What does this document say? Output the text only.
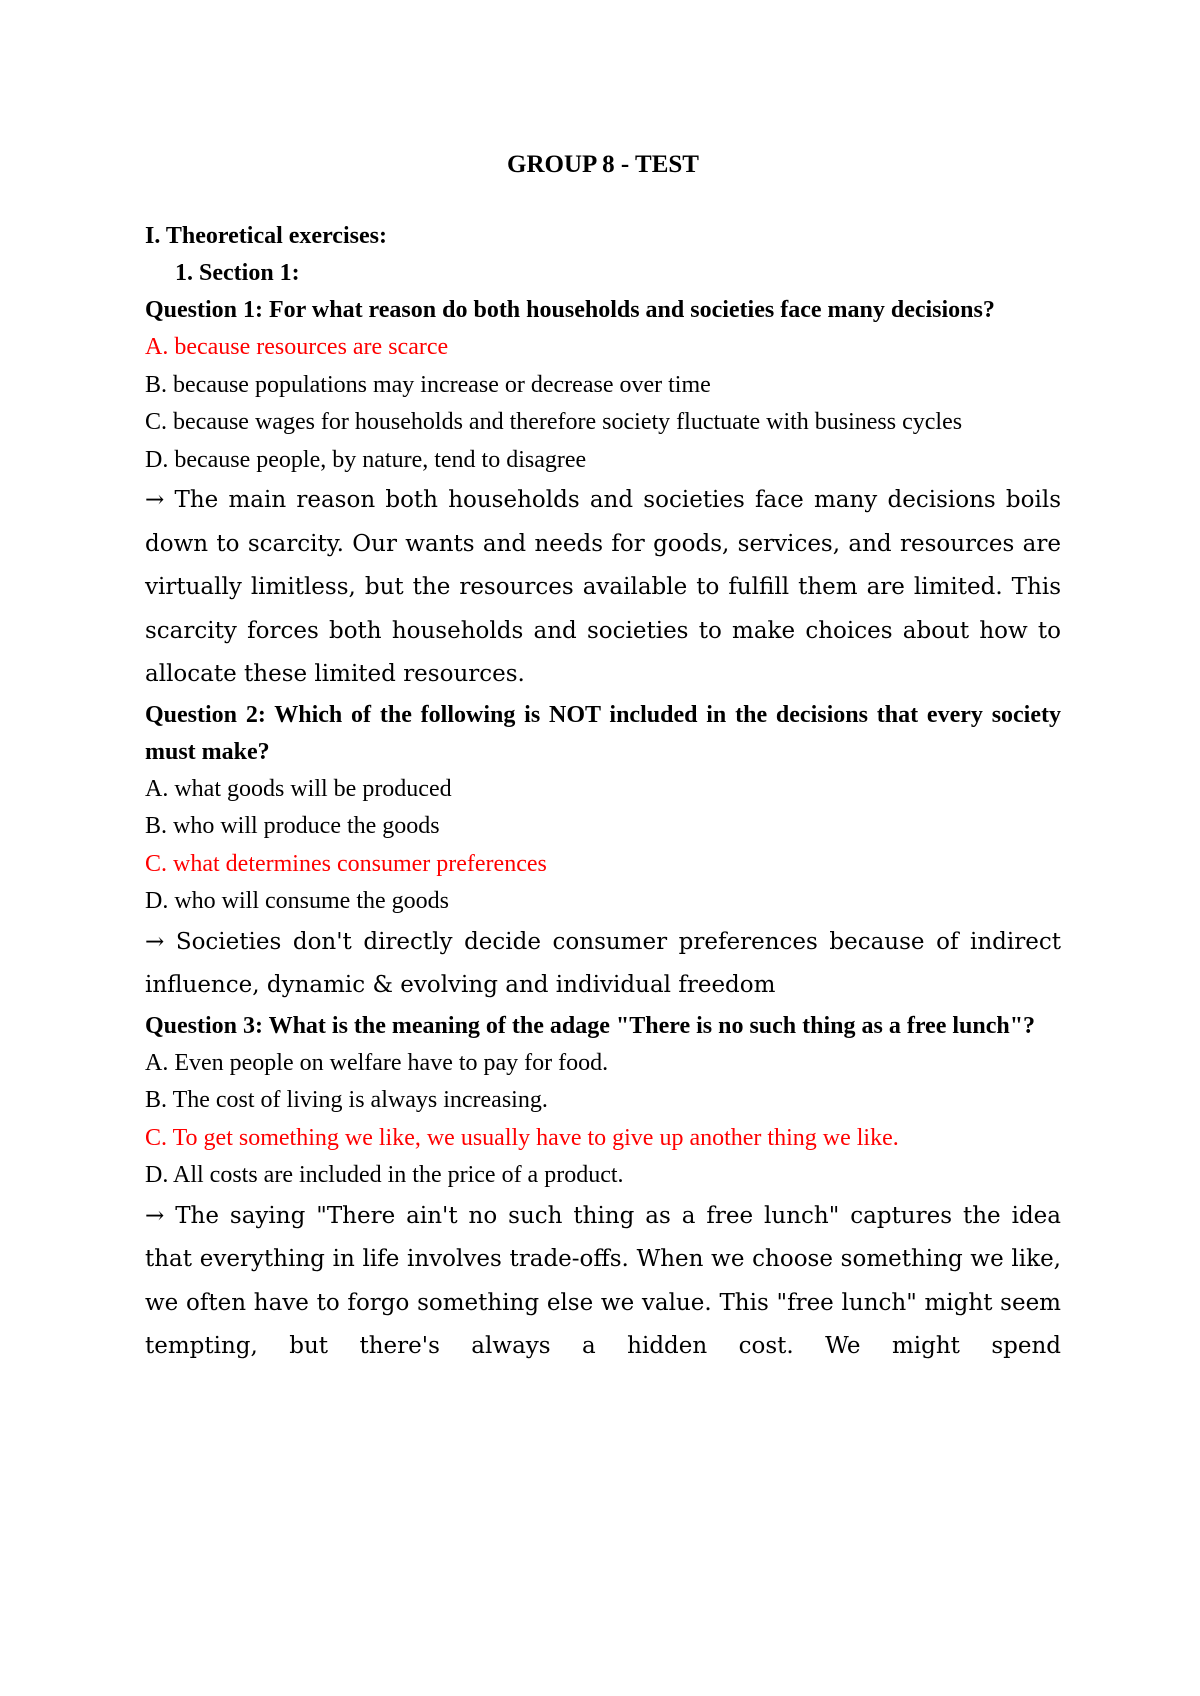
GROUP 8 - TEST

I. Theoretical exercises:

1. Section 1:

Question 1: For what reason do both households and societies face many decisions?

A. because resources are scarce

B. because populations may increase or decrease over time

C. because wages for households and therefore society fluctuate with business cycles

D. because people, by nature, tend to disagree

→ The main reason both households and societies face many decisions boils down to scarcity. Our wants and needs for goods, services, and resources are virtually limitless, but the resources available to fulfill them are limited. This scarcity forces both households and societies to make choices about how to allocate these limited resources.

Question 2: Which of the following is NOT included in the decisions that every society must make?

A. what goods will be produced

B. who will produce the goods

C. what determines consumer preferences

D. who will consume the goods

→ Societies don't directly decide consumer preferences because of indirect influence, dynamic & evolving and individual freedom

Question 3: What is the meaning of the adage "There is no such thing as a free lunch"?

A. Even people on welfare have to pay for food.

B. The cost of living is always increasing.

C. To get something we like, we usually have to give up another thing we like.

D. All costs are included in the price of a product.

→ The saying "There ain't no such thing as a free lunch" captures the idea that everything in life involves trade-offs. When we choose something we like, we often have to forgo something else we value. This "free lunch" might seem tempting, but there's always a hidden cost. We might spend
